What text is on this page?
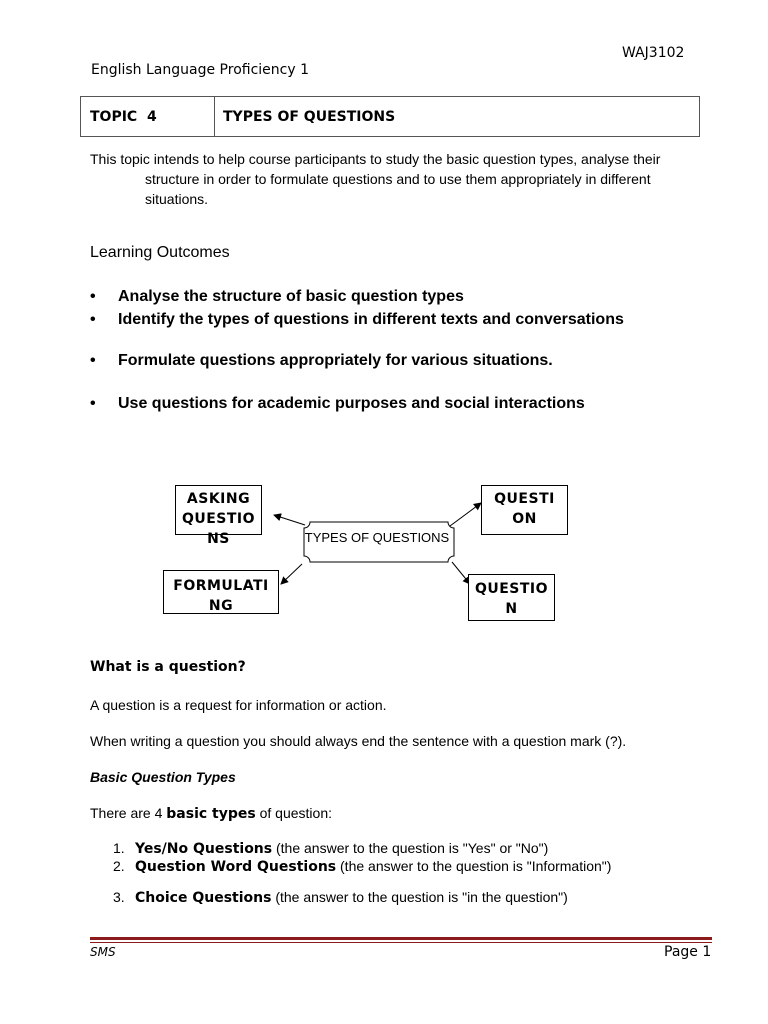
WAJ3102
English Language Proficiency 1
TOPIC  4	TYPES OF QUESTIONS
This topic intends to help course participants to study the basic question types, analyse their
structure in order to formulate questions and to use them appropriately in different situations.
Learning Outcomes
•	Analyse the structure of basic question types
•	Identify the types of questions in different texts and conversations
•	Formulate questions appropriately for various situations.
•	Use questions for academic purposes and social interactions
TYPES OF QUESTIONS
ASKING QUESTIO NS
QUESTI ON
FORMULATI NG
QUESTIO N
What is a question?
A question is a request for information or action.
When writing a question you should always end the sentence with a question mark (?).
Basic Question Types
There are 4 basic types of question:
1. Yes/No Questions (the answer to the question is "Yes" or "No")
2. Question Word Questions (the answer to the question is "Information")
3. Choice Questions (the answer to the question is "in the question")
SMS	Page 1
